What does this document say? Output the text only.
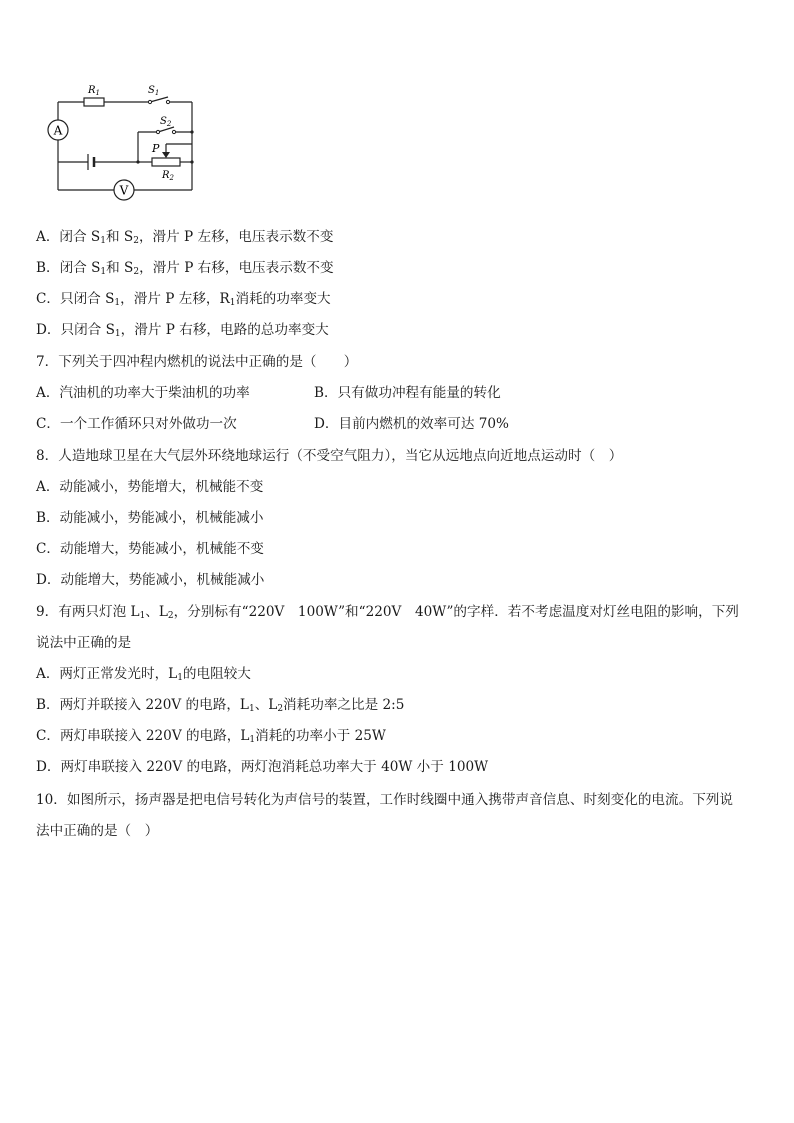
A
V
$R_1$	$S_1$
$S_2$
P
$R_2$
A．闭合 $S_1$和 $S_2$，滑片 P 左移，电压表示数不变
B．闭合 $S_1$和 $S_2$，滑片 P 右移，电压表示数不变
C．只闭合 $S_1$，滑片 P 左移，$R_1$消耗的功率变大
D．只闭合 $S_1$，滑片 P 右移，电路的总功率变大
7．下列关于四冲程内燃机的说法中正确的是（　　）
A．汽油机的功率大于柴油机的功率	B．只有做功冲程有能量的转化
C．一个工作循环只对外做功一次	D．目前内燃机的效率可达 70%
8．人造地球卫星在大气层外环绕地球运行（不受空气阻力），当它从远地点向近地点运动时（　）
A．动能减小，势能增大，机械能不变
B．动能减小，势能减小，机械能减小
C．动能增大，势能减小，机械能不变
D．动能增大，势能减小，机械能减小
9．有两只灯泡 $L_1$、$L_2$，分别标有“220V　100W”和“220V　40W”的字样．若不考虑温度对灯丝电阻的影响，下列
说法中正确的是
A．两灯正常发光时，$L_1$的电阻较大
B．两灯并联接入 220V 的电路，$L_1$、$L_2$消耗功率之比是 2:5
C．两灯串联接入 220V 的电路，$L_1$消耗的功率小于 25W
D．两灯串联接入 220V 的电路，两灯泡消耗总功率大于 40W 小于 100W
10．如图所示，扬声器是把电信号转化为声信号的装置，工作时线圈中通入携带声音信息、时刻变化的电流。下列说
法中正确的是（　）
